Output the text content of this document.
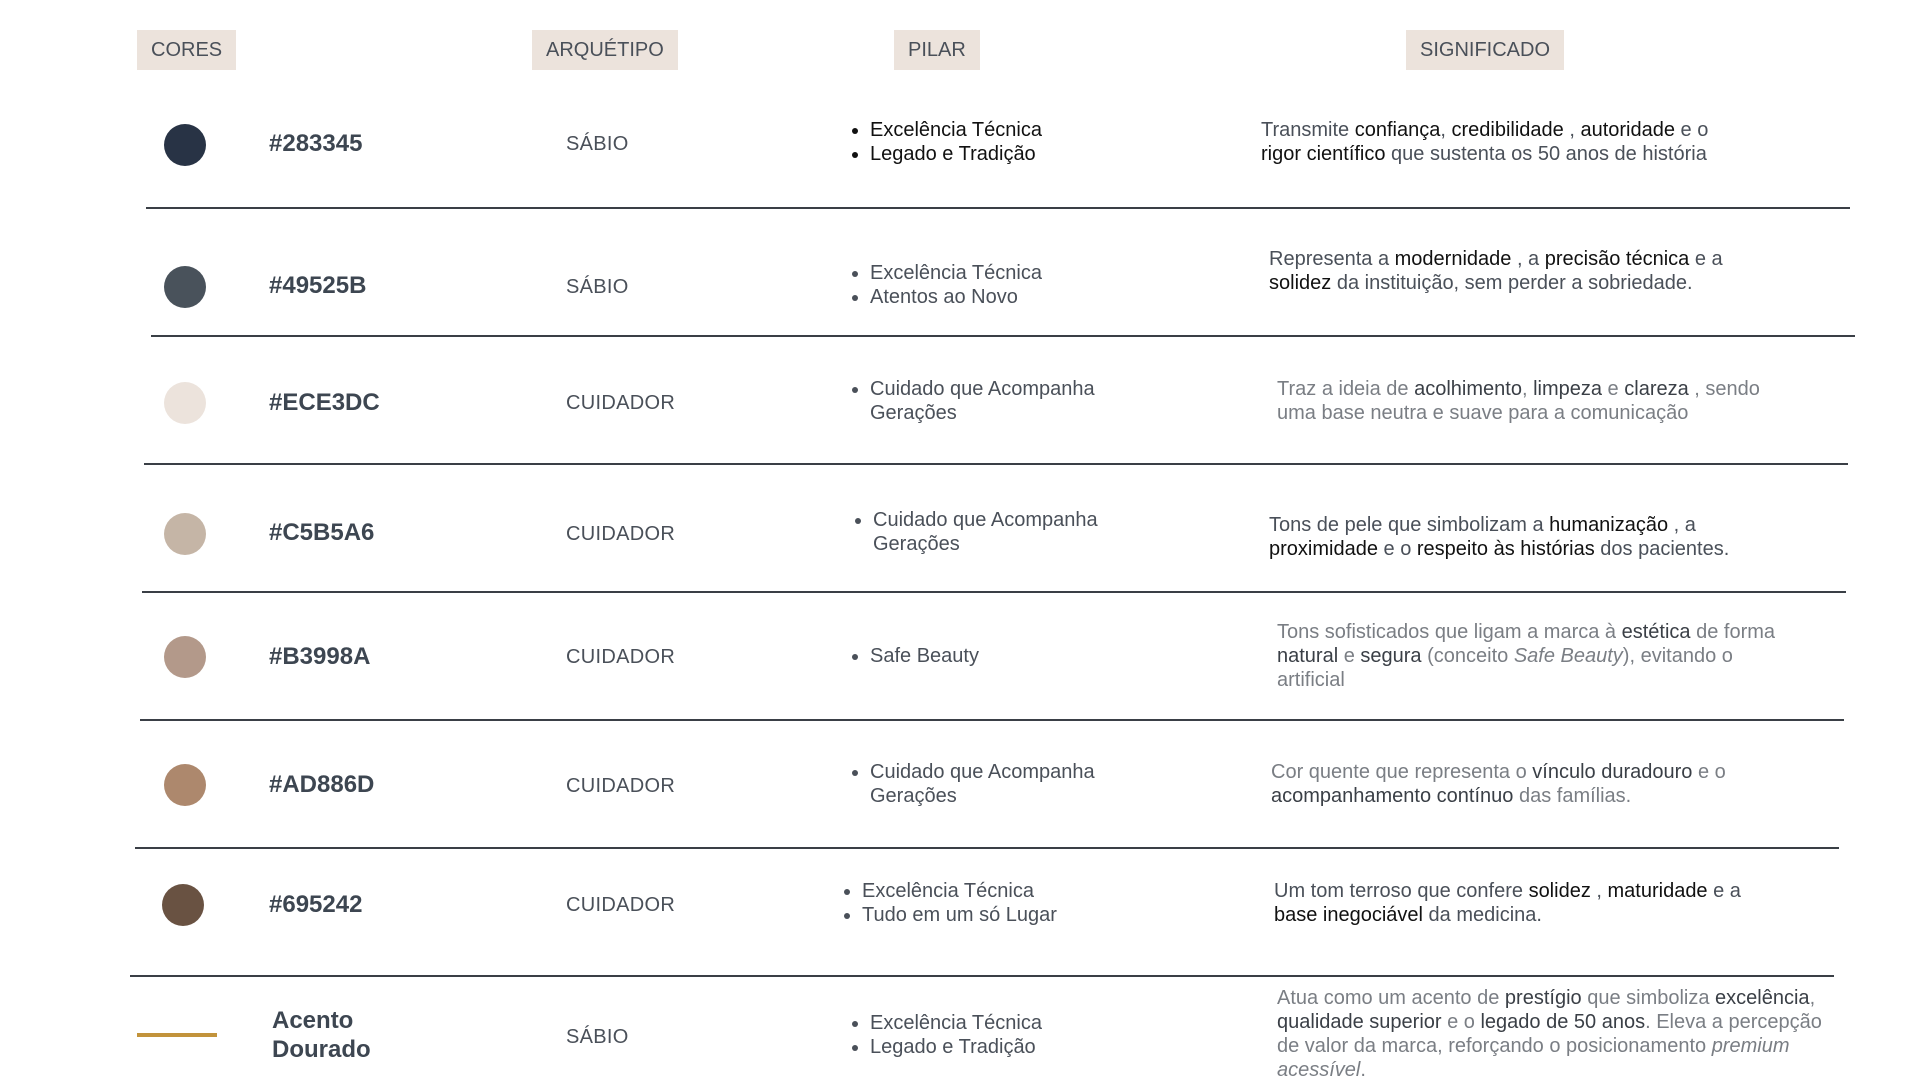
CORES	ARQUÉTIPO	PILAR	SIGNIFICADO
#283345	SÁBIO
• Excelência Técnica
• Legado e Tradição

Transmite confiança, credibilidade , autoridade e o rigor científico que sustenta os 50 anos de história

#49525B	SÁBIO
• Excelência Técnica
• Atentos ao Novo

Representa a modernidade , a precisão técnica e a solidez da instituição, sem perder a sobriedade.

#ECE3DC	CUIDADOR
• Cuidado que Acompanha Gerações

Traz a ideia de acolhimento, limpeza e clareza , sendo uma base neutra e suave para a comunicação

#C5B5A6	CUIDADOR
• Cuidado que Acompanha Gerações

Tons de pele que simbolizam a humanização , a proximidade e o respeito às histórias dos pacientes.

#B3998A	CUIDADOR
•	Safe Beauty

Tons sofisticados que ligam a marca à estética de forma natural e segura (conceito Safe Beauty), evitando o artificial

#AD886D	CUIDADOR
• Cuidado que Acompanha Gerações

Cor quente que representa o vínculo duradouro e o acompanhamento contínuo das famílias.

#695242	CUIDADOR
• Excelência Técnica
• Tudo em um só Lugar

Um tom terroso que confere solidez , maturidade e a base inegociável da medicina.

Acento
Dourado	SÁBIO
• Excelência Técnica
• Legado e Tradição

Atua como um acento de prestígio que simboliza excelência, qualidade superior e o legado de 50 anos. Eleva a percepção de valor da marca, reforçando o posicionamento premium acessível.
